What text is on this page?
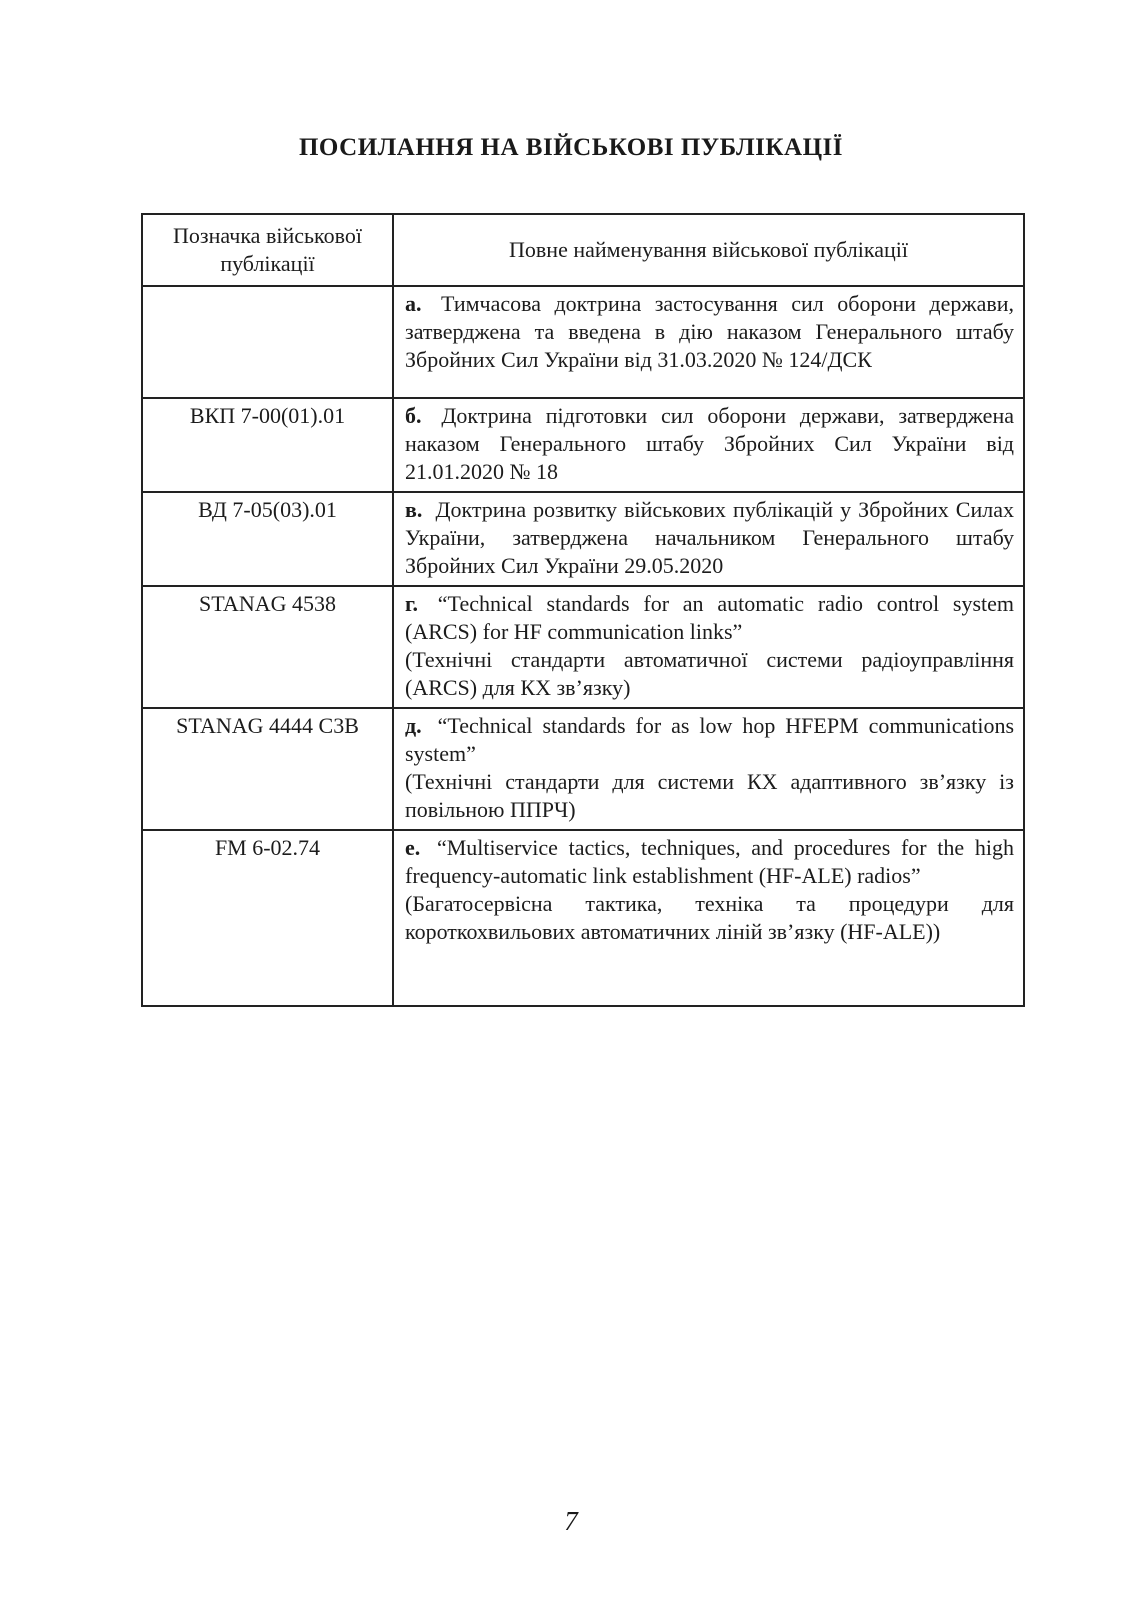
ПОСИЛАННЯ НА ВІЙСЬКОВІ ПУБЛІКАЦІЇ
Позначка військової публікації	Повне найменування військової публікації

	а. Тимчасова доктрина застосування сил оборони держави, затверджена та введена в дію наказом Генерального штабу Збройних Сил України від 31.03.2020 № 124/ДСК

ВКП 7-00(01).01	б. Доктрина підготовки сил оборони держави, затверджена наказом Генерального штабу Збройних Сил України від 21.01.2020 № 18

ВД 7-05(03).01	в. Доктрина розвитку військових публікацій у Збройних Силах України, затверджена начальником Генерального штабу Збройних Сил України 29.05.2020

STANAG 4538	г. “Technical standards for an automatic radio control system (ARCS) for HF communication links”

(Технічні стандарти автоматичної системи радіоуправління (ARCS) для КХ зв’язку)

STANAG 4444 C3B	д. “Technical standards for as low hop HFEPM communications system”

(Технічні стандарти для системи КХ адаптивного зв’язку із повільною ППРЧ)

FM 6-02.74	е. “Multiservice tactics, techniques, and procedures for the high frequency-automatic link establishment (HF-ALE) radios”

(Багатосервісна тактика, техніка та процедури для короткохвильових автоматичних ліній зв’язку (HF-ALE))

7
